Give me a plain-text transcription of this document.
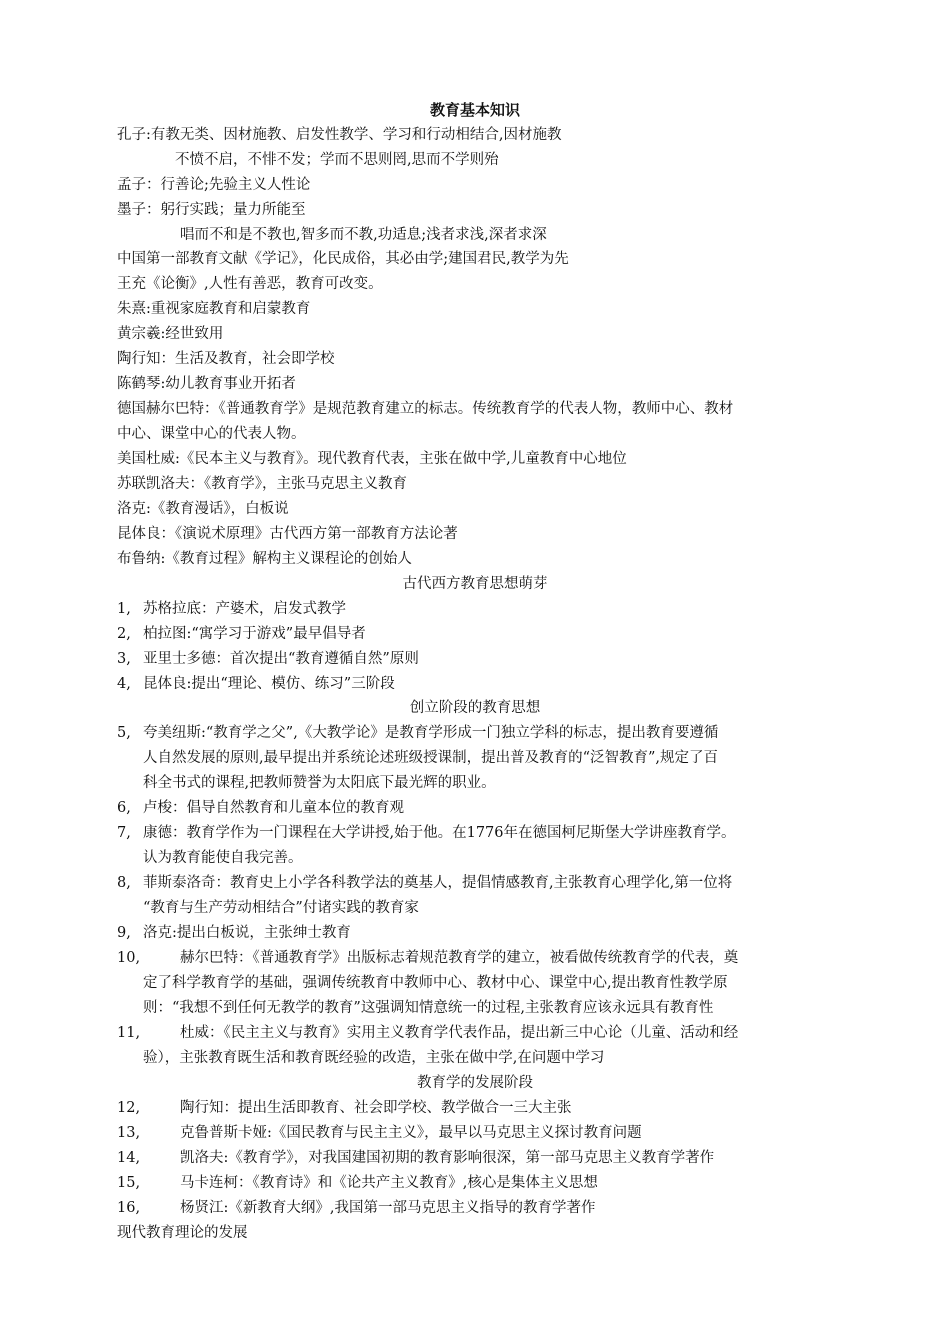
教育基本知识
孔子:有教无类、因材施教、启发性教学、学习和行动相结合,因材施教
不愤不启，不悱不发；学而不思则罔,思而不学则殆
孟子：行善论;先验主义人性论
墨子：躬行实践；量力所能至
唱而不和是不教也,智多而不教,功适息;浅者求浅,深者求深
中国第一部教育文献《学记》，化民成俗，其必由学;建国君民,教学为先
王充《论衡》,人性有善恶，教育可改变。
朱熹:重视家庭教育和启蒙教育
黄宗羲:经世致用
陶行知：生活及教育，社会即学校
陈鹤琴:幼儿教育事业开拓者
德国赫尔巴特：《普通教育学》是规范教育建立的标志。传统教育学的代表人物，教师中心、教材
中心、课堂中心的代表人物。
美国杜威:《民本主义与教育》。现代教育代表，主张在做中学,儿童教育中心地位
苏联凯洛夫：《教育学》，主张马克思主义教育
洛克:《教育漫话》，白板说
昆体良：《演说术原理》古代西方第一部教育方法论著
布鲁纳:《教育过程》解构主义课程论的创始人
古代西方教育思想萌芽
1, 苏格拉底：产婆术，启发式教学
2, 柏拉图:“寓学习于游戏”最早倡导者
3, 亚里士多德：首次提出“教育遵循自然”原则
4, 昆体良:提出“理论、模仿、练习”三阶段
创立阶段的教育思想
5, 夸美纽斯:“教育学之父”,《大教学论》是教育学形成一门独立学科的标志，提出教育要遵循
人自然发展的原则,最早提出并系统论述班级授课制，提出普及教育的“泛智教育”,规定了百
科全书式的课程,把教师赞誉为太阳底下最光辉的职业。
6, 卢梭：倡导自然教育和儿童本位的教育观
7, 康德：教育学作为一门课程在大学讲授,始于他。在1776年在德国柯尼斯堡大学讲座教育学。
认为教育能使自我完善。
8, 菲斯泰洛奇：教育史上小学各科教学法的奠基人，提倡情感教育,主张教育心理学化,第一位将
“教育与生产劳动相结合”付诸实践的教育家
9, 洛克:提出白板说，主张绅士教育
10,	赫尔巴特：《普通教育学》出版标志着规范教育学的建立，被看做传统教育学的代表，奠
定了科学教育学的基础，强调传统教育中教师中心、教材中心、课堂中心,提出教育性教学原
则：“我想不到任何无教学的教育”这强调知情意统一的过程,主张教育应该永远具有教育性
11,	杜威：《民主主义与教育》实用主义教育学代表作品，提出新三中心论（儿童、活动和经
验），主张教育既生活和教育既经验的改造，主张在做中学,在问题中学习
教育学的发展阶段
12,	陶行知：提出生活即教育、社会即学校、教学做合一三大主张
13,	克鲁普斯卡娅:《国民教育与民主主义》，最早以马克思主义探讨教育问题
14,	凯洛夫:《教育学》，对我国建国初期的教育影响很深，第一部马克思主义教育学著作
15,	马卡连柯：《教育诗》和《论共产主义教育》,核心是集体主义思想
16,	杨贤江:《新教育大纲》,我国第一部马克思主义指导的教育学著作
现代教育理论的发展
